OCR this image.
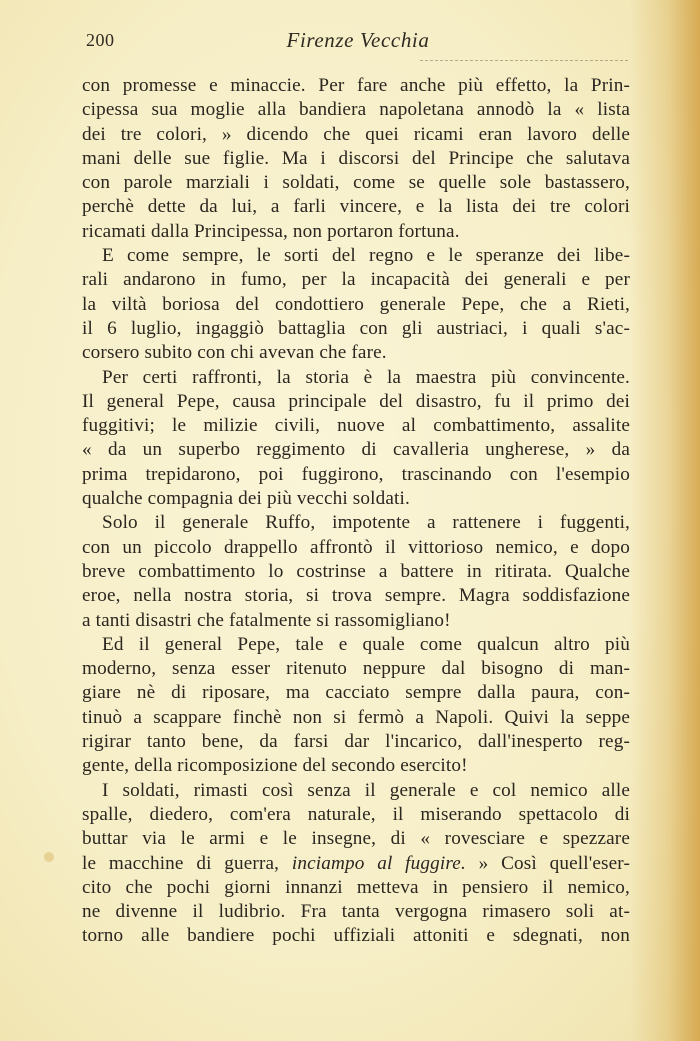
200	Firenze Vecchia

con promesse e minaccie. Per fare anche più effetto, la Prin-

cipessa sua moglie alla bandiera napoletana annodò la « lista

dei tre colori, » dicendo che quei ricami eran lavoro delle

mani delle sue figlie. Ma i discorsi del Principe che salutava

con parole marziali i soldati, come se quelle sole bastassero,

perchè dette da lui, a farli vincere, e la lista dei tre colori

ricamati dalla Principessa, non portaron fortuna.

E come sempre, le sorti del regno e le speranze dei libe-

rali andarono in fumo, per la incapacità dei generali e per

la viltà boriosa del condottiero generale Pepe, che a Rieti,

il 6 luglio, ingaggiò battaglia con gli austriaci, i quali s'ac-

corsero subito con chi avevan che fare.

Per certi raffronti, la storia è la maestra più convincente.

Il general Pepe, causa principale del disastro, fu il primo dei

fuggitivi; le milizie civili, nuove al combattimento, assalite

« da un superbo reggimento di cavalleria ungherese, » da

prima trepidarono, poi fuggirono, trascinando con l'esempio

qualche compagnia dei più vecchi soldati.

Solo il generale Ruffo, impotente a rattenere i fuggenti,

con un piccolo drappello affrontò il vittorioso nemico, e dopo

breve combattimento lo costrinse a battere in ritirata. Qualche

eroe, nella nostra storia, si trova sempre. Magra soddisfazione

a tanti disastri che fatalmente si rassomigliano!

Ed il general Pepe, tale e quale come qualcun altro più

moderno, senza esser ritenuto neppure dal bisogno di man-

giare nè di riposare, ma cacciato sempre dalla paura, con-

tinuò a scappare finchè non si fermò a Napoli. Quivi la seppe

rigirar tanto bene, da farsi dar l'incarico, dall'inesperto reg-

gente, della ricomposizione del secondo esercito!

I soldati, rimasti così senza il generale e col nemico alle

spalle, diedero, com'era naturale, il miserando spettacolo di

buttar via le armi e le insegne, di « rovesciare e spezzare

le macchine di guerra, inciampo al fuggire. » Così quell'eser-

cito che pochi giorni innanzi metteva in pensiero il nemico,

ne divenne il ludibrio. Fra tanta vergogna rimasero soli at-

torno alle bandiere pochi uffiziali attoniti e sdegnati, non
